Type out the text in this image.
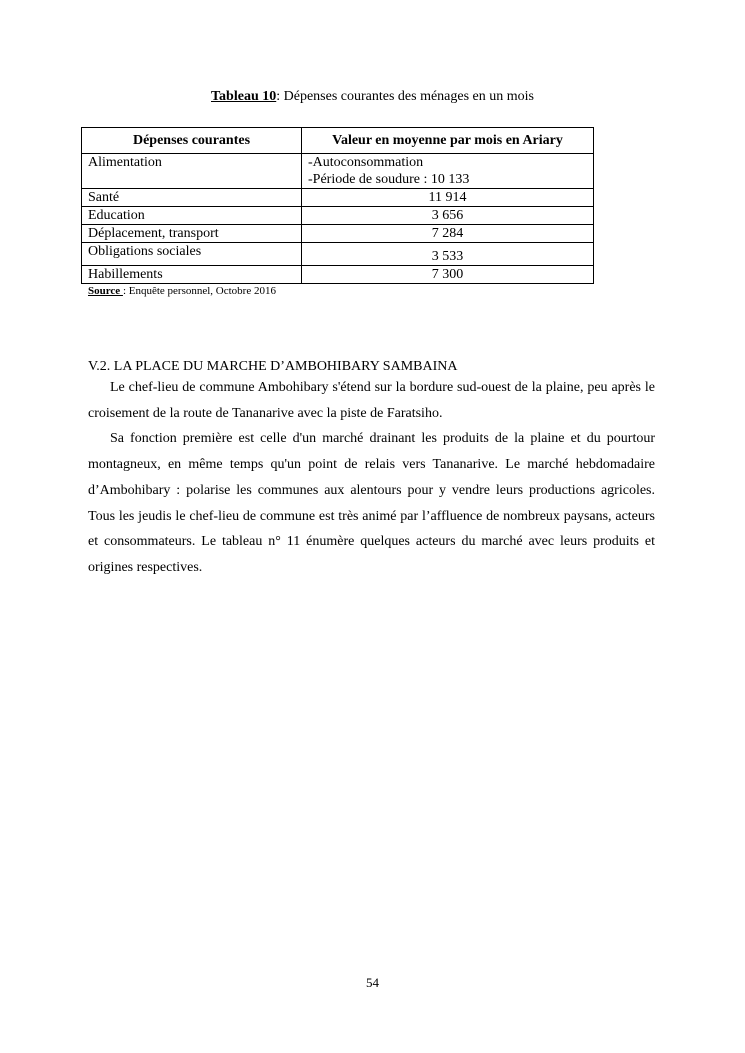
Tableau 10: Dépenses courantes des ménages en un mois
Dépenses courantes	Valeur en moyenne par mois en Ariary
Alimentation	-Autoconsommation
-Période de soudure : 10 133

Santé	11 914
Education	3 656
Déplacement, transport	7 284
Obligations sociales	3 533
Habillements	7 300
Source : Enquête personnel, Octobre 2016
V.2. LA PLACE DU MARCHE D’AMBOHIBARY SAMBAINA

Le chef-lieu de commune Ambohibary s'étend sur la bordure sud-ouest de la plaine, peu après le croisement de la route de Tananarive avec la piste de Faratsiho.

Sa fonction première est celle d'un marché drainant les produits de la plaine et du pourtour montagneux, en même temps qu'un point de relais vers Tananarive. Le marché hebdomadaire d’Ambohibary : polarise les communes aux alentours pour y vendre leurs productions agricoles. Tous les jeudis le chef-lieu de commune est très animé par l’affluence de nombreux paysans, acteurs et consommateurs. Le tableau n° 11 énumère quelques acteurs du marché avec leurs produits et origines respectives.

54
